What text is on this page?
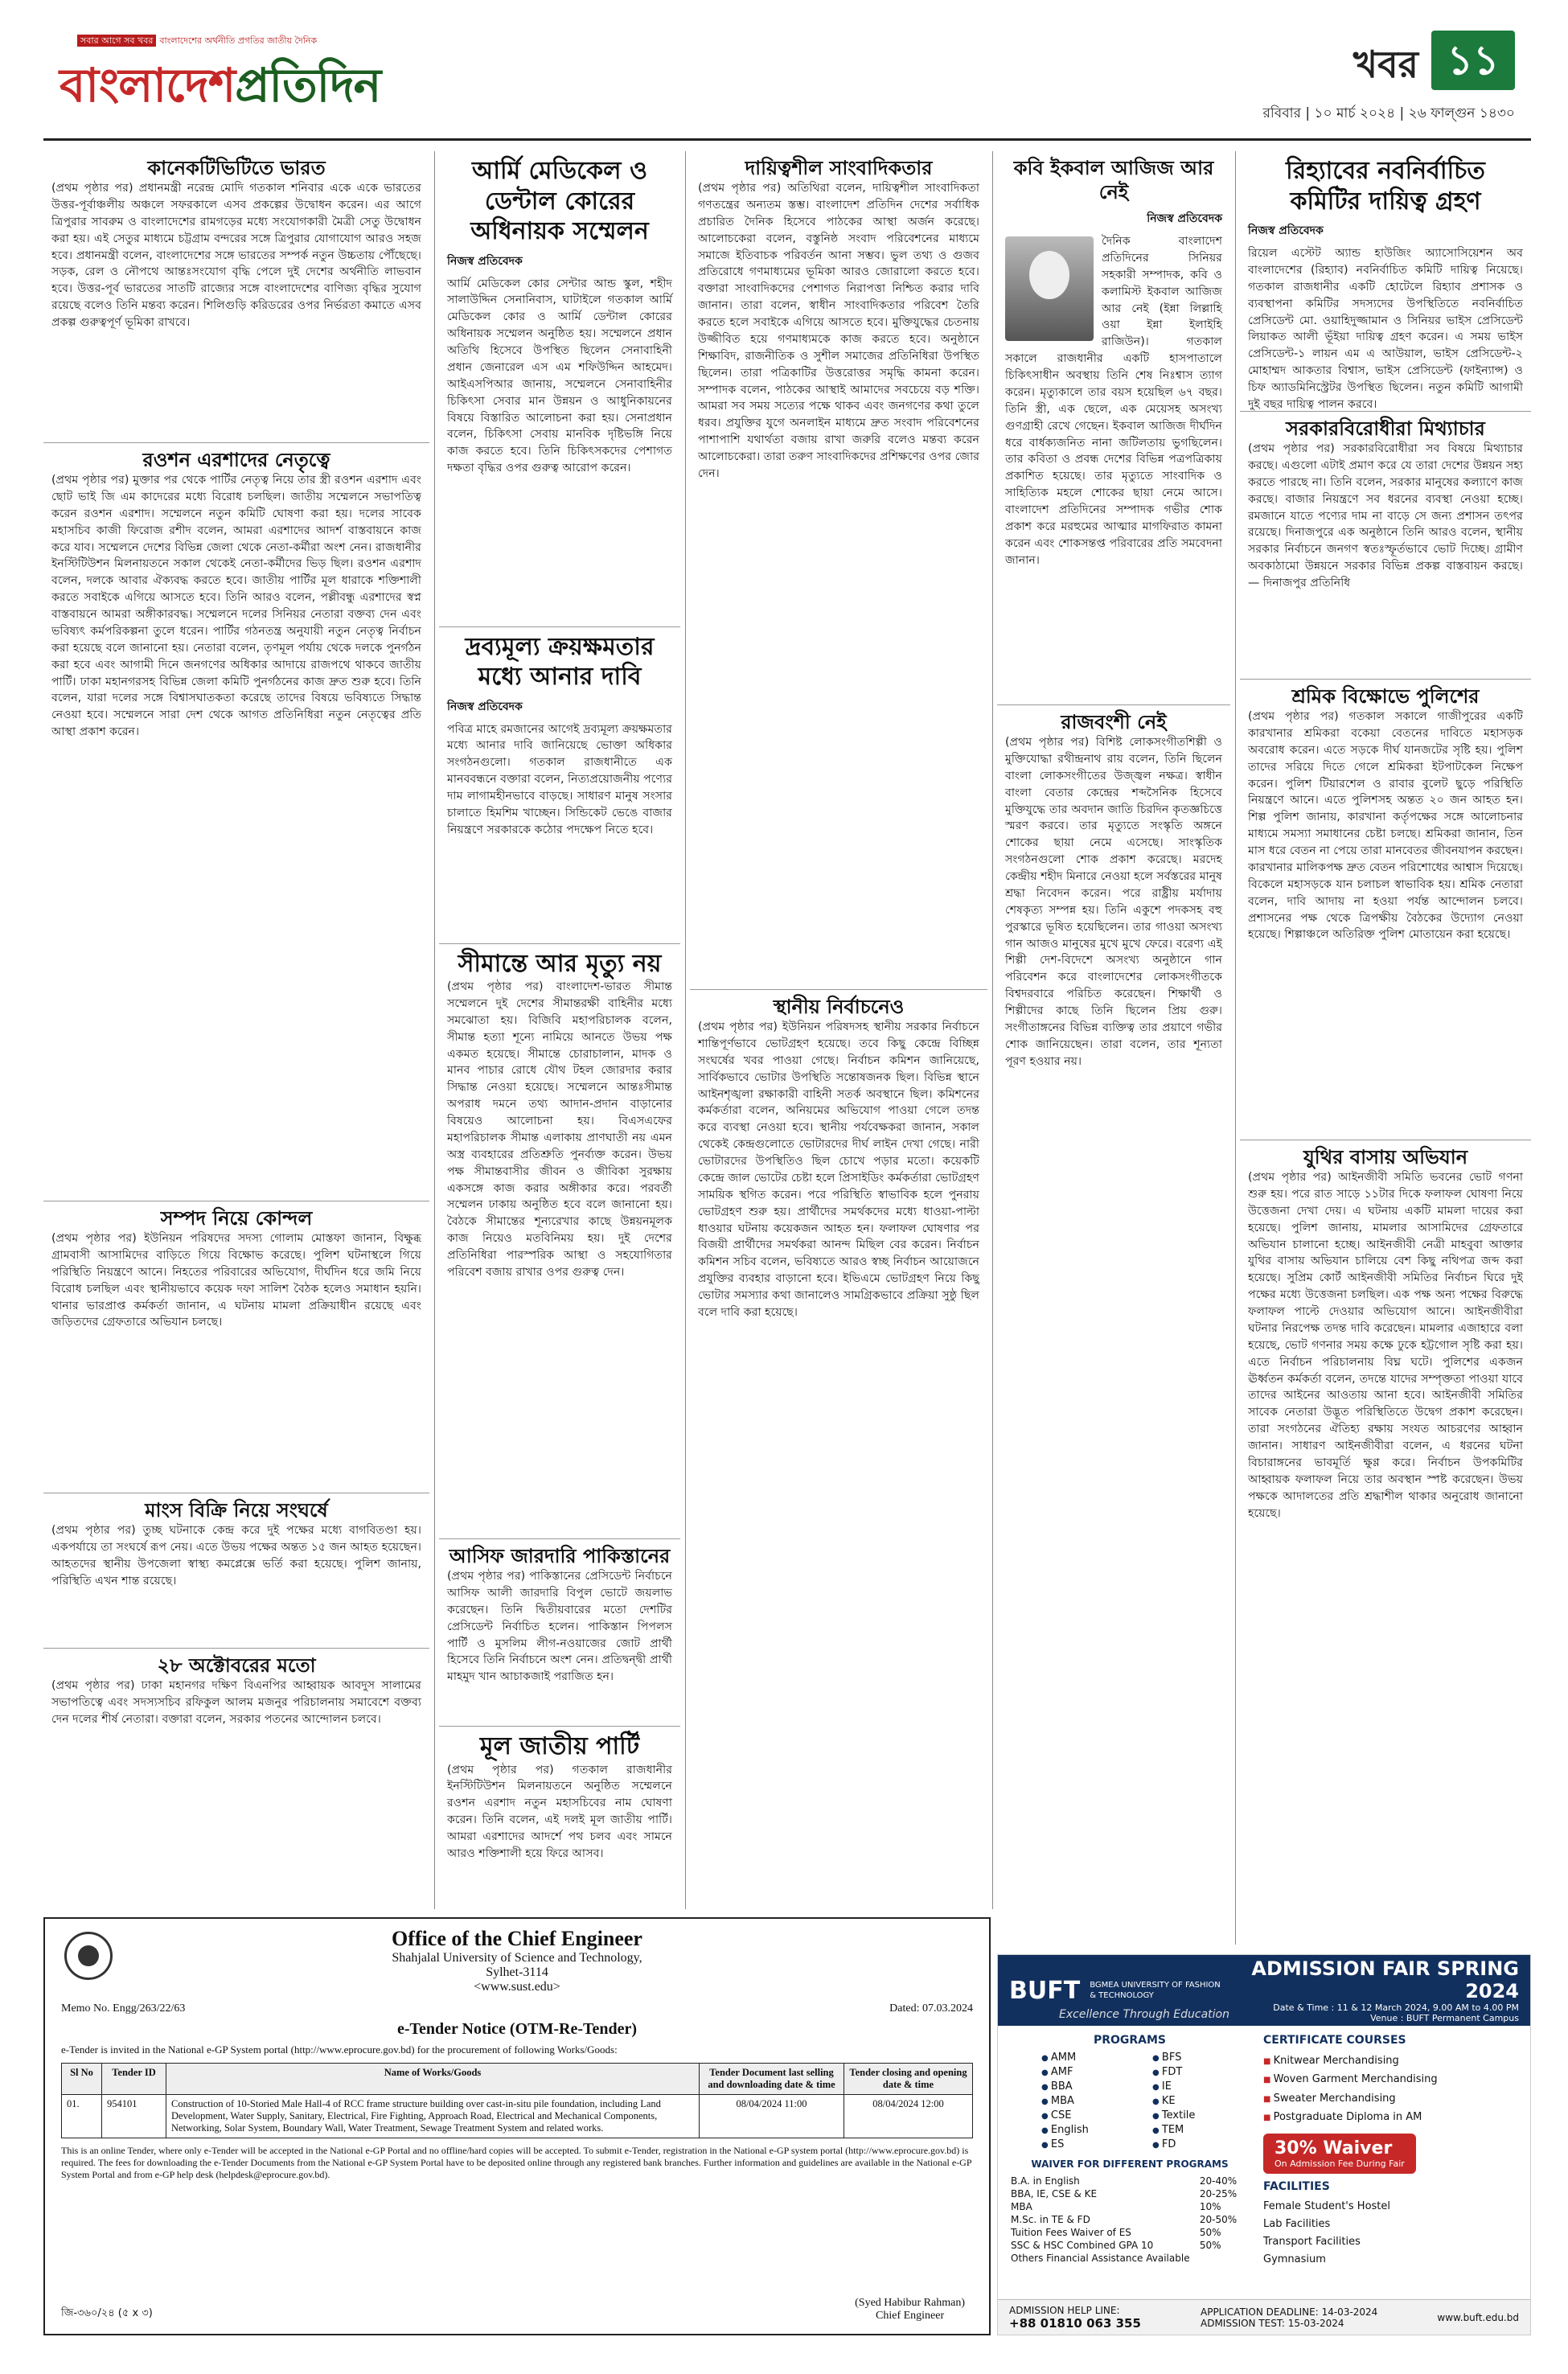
সবার আগে সব খবর বাংলাদেশের অর্থনীতি প্রগতির জাতীয় দৈনিক
বাংলাদেশপ্রতিদিন	খবর ১১
রবিবার | ১০ মার্চ ২০২৪ | ২৬ ফাল্গুন ১৪৩০
কানেকটিভিটিতে ভারত
(প্রথম পৃষ্ঠার পর) প্রধানমন্ত্রী নরেন্দ্র মোদি গতকাল শনিবার একে একে ভারতের উত্তর-পূর্বাঞ্চলীয় অঞ্চলে সফরকালে এসব প্রকল্পের উদ্বোধন করেন। এর আগে ত্রিপুরার সাবরুম ও বাংলাদেশের রামগড়ের মধ্যে সংযোগকারী মৈত্রী সেতু উদ্বোধন করা হয়। এই সেতুর মাধ্যমে চট্টগ্রাম বন্দরের সঙ্গে ত্রিপুরার যোগাযোগ আরও সহজ হবে। প্রধানমন্ত্রী বলেন, বাংলাদেশের সঙ্গে ভারতের সম্পর্ক নতুন উচ্চতায় পৌঁছেছে। সড়ক, রেল ও নৌপথে আন্তঃসংযোগ বৃদ্ধি পেলে দুই দেশের অর্থনীতি লাভবান হবে। উত্তর-পূর্ব ভারতের সাতটি রাজ্যের সঙ্গে বাংলাদেশের বাণিজ্য বৃদ্ধির সুযোগ রয়েছে বলেও তিনি মন্তব্য করেন। শিলিগুড়ি করিডরের ওপর নির্ভরতা কমাতে এসব প্রকল্প গুরুত্বপূর্ণ ভূমিকা রাখবে।
রওশন এরশাদের নেতৃত্বে
(প্রথম পৃষ্ঠার পর) মুক্তার পর থেকে পার্টির নেতৃত্ব নিয়ে তার স্ত্রী রওশন এরশাদ এবং ছোট ভাই জি এম কাদেরের মধ্যে বিরোধ চলছিল। জাতীয় সম্মেলনে সভাপতিত্ব করেন রওশন এরশাদ। সম্মেলনে নতুন কমিটি ঘোষণা করা হয়। দলের সাবেক মহাসচিব কাজী ফিরোজ রশীদ বলেন, আমরা এরশাদের আদর্শ বাস্তবায়নে কাজ করে যাব। সম্মেলনে দেশের বিভিন্ন জেলা থেকে নেতা-কর্মীরা অংশ নেন। রাজধানীর ইনস্টিটিউশন মিলনায়তনে সকাল থেকেই নেতা-কর্মীদের ভিড় ছিল। রওশন এরশাদ বলেন, দলকে আবার ঐক্যবদ্ধ করতে হবে। জাতীয় পার্টির মূল ধারাকে শক্তিশালী করতে সবাইকে এগিয়ে আসতে হবে। তিনি আরও বলেন, পল্লীবন্ধু এরশাদের স্বপ্ন বাস্তবায়নে আমরা অঙ্গীকারবদ্ধ। সম্মেলনে দলের সিনিয়র নেতারা বক্তব্য দেন এবং ভবিষ্যৎ কর্মপরিকল্পনা তুলে ধরেন। পার্টির গঠনতন্ত্র অনুযায়ী নতুন নেতৃত্ব নির্বাচন করা হয়েছে বলে জানানো হয়। নেতারা বলেন, তৃণমূল পর্যায় থেকে দলকে পুনর্গঠন করা হবে এবং আগামী দিনে জনগণের অধিকার আদায়ে রাজপথে থাকবে জাতীয় পার্টি। ঢাকা মহানগরসহ বিভিন্ন জেলা কমিটি পুনর্গঠনের কাজ দ্রুত শুরু হবে। তিনি বলেন, যারা দলের সঙ্গে বিশ্বাসঘাতকতা করেছে তাদের বিষয়ে ভবিষ্যতে সিদ্ধান্ত নেওয়া হবে। সম্মেলনে সারা দেশ থেকে আগত প্রতিনিধিরা নতুন নেতৃত্বের প্রতি আস্থা প্রকাশ করেন।
সম্পদ নিয়ে কোন্দল
(প্রথম পৃষ্ঠার পর) ইউনিয়ন পরিষদের সদস্য গোলাম মোস্তফা জানান, বিক্ষুব্ধ গ্রামবাসী আসামিদের বাড়িতে গিয়ে বিক্ষোভ করেছে। পুলিশ ঘটনাস্থলে গিয়ে পরিস্থিতি নিয়ন্ত্রণে আনে। নিহতের পরিবারের অভিযোগ, দীর্ঘদিন ধরে জমি নিয়ে বিরোধ চলছিল এবং স্থানীয়ভাবে কয়েক দফা সালিশ বৈঠক হলেও সমাধান হয়নি। থানার ভারপ্রাপ্ত কর্মকর্তা জানান, এ ঘটনায় মামলা প্রক্রিয়াধীন রয়েছে এবং জড়িতদের গ্রেফতারে অভিযান চলছে।
মাংস বিক্রি নিয়ে সংঘর্ষে
(প্রথম পৃষ্ঠার পর) তুচ্ছ ঘটনাকে কেন্দ্র করে দুই পক্ষের মধ্যে বাগবিতণ্ডা হয়। একপর্যায়ে তা সংঘর্ষে রূপ নেয়। এতে উভয় পক্ষের অন্তত ১৫ জন আহত হয়েছেন। আহতদের স্থানীয় উপজেলা স্বাস্থ্য কমপ্লেক্সে ভর্তি করা হয়েছে। পুলিশ জানায়, পরিস্থিতি এখন শান্ত রয়েছে।
২৮ অক্টোবরের মতো
(প্রথম পৃষ্ঠার পর) ঢাকা মহানগর দক্ষিণ বিএনপির আহ্বায়ক আবদুস সালামের সভাপতিত্বে এবং সদস্যসচিব রফিকুল আলম মজনুর পরিচালনায় সমাবেশে বক্তব্য দেন দলের শীর্ষ নেতারা। বক্তারা বলেন, সরকার পতনের আন্দোলন চলবে।
আর্মি মেডিকেল ও ডেন্টাল কোরের অধিনায়ক সম্মেলন
নিজস্ব প্রতিবেদক
আর্মি মেডিকেল কোর সেন্টার আন্ড স্কুল, শহীদ সালাউদ্দিন সেনানিবাস, ঘাটাইলে গতকাল আর্মি মেডিকেল কোর ও আর্মি ডেন্টাল কোরের অধিনায়ক সম্মেলন অনুষ্ঠিত হয়। সম্মেলনে প্রধান অতিথি হিসেবে উপস্থিত ছিলেন সেনাবাহিনী প্রধান জেনারেল এস এম শফিউদ্দিন আহমেদ। আইএসপিআর জানায়, সম্মেলনে সেনাবাহিনীর চিকিৎসা সেবার মান উন্নয়ন ও আধুনিকায়নের বিষয়ে বিস্তারিত আলোচনা করা হয়। সেনাপ্রধান বলেন, চিকিৎসা সেবায় মানবিক দৃষ্টিভঙ্গি নিয়ে কাজ করতে হবে। তিনি চিকিৎসকদের পেশাগত দক্ষতা বৃদ্ধির ওপর গুরুত্ব আরোপ করেন।
দ্রব্যমূল্য ক্রয়ক্ষমতার মধ্যে আনার দাবি
নিজস্ব প্রতিবেদক
পবিত্র মাহে রমজানের আগেই দ্রব্যমূল্য ক্রয়ক্ষমতার মধ্যে আনার দাবি জানিয়েছে ভোক্তা অধিকার সংগঠনগুলো। গতকাল রাজধানীতে এক মানববন্ধনে বক্তারা বলেন, নিত্যপ্রয়োজনীয় পণ্যের দাম লাগামহীনভাবে বাড়ছে। সাধারণ মানুষ সংসার চালাতে হিমশিম খাচ্ছেন। সিন্ডিকেট ভেঙে বাজার নিয়ন্ত্রণে সরকারকে কঠোর পদক্ষেপ নিতে হবে।
সীমান্তে আর মৃত্যু নয়
(প্রথম পৃষ্ঠার পর) বাংলাদেশ-ভারত সীমান্ত সম্মেলনে দুই দেশের সীমান্তরক্ষী বাহিনীর মধ্যে সমঝোতা হয়। বিজিবি মহাপরিচালক বলেন, সীমান্ত হত্যা শূন্যে নামিয়ে আনতে উভয় পক্ষ একমত হয়েছে। সীমান্তে চোরাচালান, মাদক ও মানব পাচার রোধে যৌথ টহল জোরদার করার সিদ্ধান্ত নেওয়া হয়েছে। সম্মেলনে আন্তঃসীমান্ত অপরাধ দমনে তথ্য আদান-প্রদান বাড়ানোর বিষয়েও আলোচনা হয়। বিএসএফের মহাপরিচালক সীমান্ত এলাকায় প্রাণঘাতী নয় এমন অস্ত্র ব্যবহারের প্রতিশ্রুতি পুনর্ব্যক্ত করেন। উভয় পক্ষ সীমান্তবাসীর জীবন ও জীবিকা সুরক্ষায় একসঙ্গে কাজ করার অঙ্গীকার করে। পরবর্তী সম্মেলন ঢাকায় অনুষ্ঠিত হবে বলে জানানো হয়। বৈঠকে সীমান্তের শূন্যরেখার কাছে উন্নয়নমূলক কাজ নিয়েও মতবিনিময় হয়। দুই দেশের প্রতিনিধিরা পারস্পরিক আস্থা ও সহযোগিতার পরিবেশ বজায় রাখার ওপর গুরুত্ব দেন।
আসিফ জারদারি পাকিস্তানের
(প্রথম পৃষ্ঠার পর) পাকিস্তানের প্রেসিডেন্ট নির্বাচনে আসিফ আলী জারদারি বিপুল ভোটে জয়লাভ করেছেন। তিনি দ্বিতীয়বারের মতো দেশটির প্রেসিডেন্ট নির্বাচিত হলেন। পাকিস্তান পিপলস পার্টি ও মুসলিম লীগ-নওয়াজের জোট প্রার্থী হিসেবে তিনি নির্বাচনে অংশ নেন। প্রতিদ্বন্দ্বী প্রার্থী মাহমুদ খান আচাকজাই পরাজিত হন।
মূল জাতীয় পার্টি
(প্রথম পৃষ্ঠার পর) গতকাল রাজধানীর ইনস্টিটিউশন মিলনায়তনে অনুষ্ঠিত সম্মেলনে রওশন এরশাদ নতুন মহাসচিবের নাম ঘোষণা করেন। তিনি বলেন, এই দলই মূল জাতীয় পার্টি। আমরা এরশাদের আদর্শে পথ চলব এবং সামনে আরও শক্তিশালী হয়ে ফিরে আসব।
দায়িত্বশীল সাংবাদিকতার
(প্রথম পৃষ্ঠার পর) অতিথিরা বলেন, দায়িত্বশীল সাংবাদিকতা গণতন্ত্রের অন্যতম স্তম্ভ। বাংলাদেশ প্রতিদিন দেশের সর্বাধিক প্রচারিত দৈনিক হিসেবে পাঠকের আস্থা অর্জন করেছে। আলোচকেরা বলেন, বস্তুনিষ্ঠ সংবাদ পরিবেশনের মাধ্যমে সমাজে ইতিবাচক পরিবর্তন আনা সম্ভব। ভুল তথ্য ও গুজব প্রতিরোধে গণমাধ্যমের ভূমিকা আরও জোরালো করতে হবে। বক্তারা সাংবাদিকদের পেশাগত নিরাপত্তা নিশ্চিত করার দাবি জানান। তারা বলেন, স্বাধীন সাংবাদিকতার পরিবেশ তৈরি করতে হলে সবাইকে এগিয়ে আসতে হবে। মুক্তিযুদ্ধের চেতনায় উজ্জীবিত হয়ে গণমাধ্যমকে কাজ করতে হবে। অনুষ্ঠানে শিক্ষাবিদ, রাজনীতিক ও সুশীল সমাজের প্রতিনিধিরা উপস্থিত ছিলেন। তারা পত্রিকাটির উত্তরোত্তর সমৃদ্ধি কামনা করেন। সম্পাদক বলেন, পাঠকের আস্থাই আমাদের সবচেয়ে বড় শক্তি। আমরা সব সময় সত্যের পক্ষে থাকব এবং জনগণের কথা তুলে ধরব। প্রযুক্তির যুগে অনলাইন মাধ্যমে দ্রুত সংবাদ পরিবেশনের পাশাপাশি যথার্থতা বজায় রাখা জরুরি বলেও মন্তব্য করেন আলোচকেরা। তারা তরুণ সাংবাদিকদের প্রশিক্ষণের ওপর জোর দেন।
স্থানীয় নির্বাচনেও
(প্রথম পৃষ্ঠার পর) ইউনিয়ন পরিষদসহ স্থানীয় সরকার নির্বাচনে শান্তিপূর্ণভাবে ভোটগ্রহণ হয়েছে। তবে কিছু কেন্দ্রে বিচ্ছিন্ন সংঘর্ষের খবর পাওয়া গেছে। নির্বাচন কমিশন জানিয়েছে, সার্বিকভাবে ভোটার উপস্থিতি সন্তোষজনক ছিল। বিভিন্ন স্থানে আইনশৃঙ্খলা রক্ষাকারী বাহিনী সতর্ক অবস্থানে ছিল। কমিশনের কর্মকর্তারা বলেন, অনিয়মের অভিযোগ পাওয়া গেলে তদন্ত করে ব্যবস্থা নেওয়া হবে। স্থানীয় পর্যবেক্ষকরা জানান, সকাল থেকেই কেন্দ্রগুলোতে ভোটারদের দীর্ঘ লাইন দেখা গেছে। নারী ভোটারদের উপস্থিতিও ছিল চোখে পড়ার মতো। কয়েকটি কেন্দ্রে জাল ভোটের চেষ্টা হলে প্রিসাইডিং কর্মকর্তারা ভোটগ্রহণ সাময়িক স্থগিত করেন। পরে পরিস্থিতি স্বাভাবিক হলে পুনরায় ভোটগ্রহণ শুরু হয়। প্রার্থীদের সমর্থকদের মধ্যে ধাওয়া-পাল্টা ধাওয়ার ঘটনায় কয়েকজন আহত হন। ফলাফল ঘোষণার পর বিজয়ী প্রার্থীদের সমর্থকরা আনন্দ মিছিল বের করেন। নির্বাচন কমিশন সচিব বলেন, ভবিষ্যতে আরও স্বচ্ছ নির্বাচন আয়োজনে প্রযুক্তির ব্যবহার বাড়ানো হবে। ইভিএমে ভোটগ্রহণ নিয়ে কিছু ভোটার সমস্যার কথা জানালেও সামগ্রিকভাবে প্রক্রিয়া সুষ্ঠু ছিল বলে দাবি করা হয়েছে।
কবি ইকবাল আজিজ আর নেই
নিজস্ব প্রতিবেদক
দৈনিক বাংলাদেশ প্রতিদিনের সিনিয়র সহকারী সম্পাদক, কবি ও কলামিস্ট ইকবাল আজিজ আর নেই (ইন্না লিল্লাহি ওয়া ইন্না ইলাইহি রাজিউন)। গতকাল সকালে রাজধানীর একটি হাসপাতালে চিকিৎসাধীন অবস্থায় তিনি শেষ নিঃশ্বাস ত্যাগ করেন। মৃত্যুকালে তার বয়স হয়েছিল ৬৭ বছর। তিনি স্ত্রী, এক ছেলে, এক মেয়েসহ অসংখ্য গুণগ্রাহী রেখে গেছেন। ইকবাল আজিজ দীর্ঘদিন ধরে বার্ধক্যজনিত নানা জটিলতায় ভুগছিলেন। তার কবিতা ও প্রবন্ধ দেশের বিভিন্ন পত্রপত্রিকায় প্রকাশিত হয়েছে। তার মৃত্যুতে সাংবাদিক ও সাহিত্যিক মহলে শোকের ছায়া নেমে আসে। বাংলাদেশ প্রতিদিনের সম্পাদক গভীর শোক প্রকাশ করে মরহুমের আত্মার মাগফিরাত কামনা করেন এবং শোকসন্তপ্ত পরিবারের প্রতি সমবেদনা জানান।
রাজবংশী নেই
(প্রথম পৃষ্ঠার পর) বিশিষ্ট লোকসংগীতশিল্পী ও মুক্তিযোদ্ধা রথীন্দ্রনাথ রায় বলেন, তিনি ছিলেন বাংলা লোকসংগীতের উজ্জ্বল নক্ষত্র। স্বাধীন বাংলা বেতার কেন্দ্রের শব্দসৈনিক হিসেবে মুক্তিযুদ্ধে তার অবদান জাতি চিরদিন কৃতজ্ঞচিত্তে স্মরণ করবে। তার মৃত্যুতে সংস্কৃতি অঙ্গনে শোকের ছায়া নেমে এসেছে। সাংস্কৃতিক সংগঠনগুলো শোক প্রকাশ করেছে। মরদেহ কেন্দ্রীয় শহীদ মিনারে নেওয়া হলে সর্বস্তরের মানুষ শ্রদ্ধা নিবেদন করেন। পরে রাষ্ট্রীয় মর্যাদায় শেষকৃত্য সম্পন্ন হয়। তিনি একুশে পদকসহ বহু পুরস্কারে ভূষিত হয়েছিলেন। তার গাওয়া অসংখ্য গান আজও মানুষের মুখে মুখে ফেরে। বরেণ্য এই শিল্পী দেশ-বিদেশে অসংখ্য অনুষ্ঠানে গান পরিবেশন করে বাংলাদেশের লোকসংগীতকে বিশ্বদরবারে পরিচিত করেছেন। শিক্ষার্থী ও শিল্পীদের কাছে তিনি ছিলেন প্রিয় গুরু। সংগীতাঙ্গনের বিভিন্ন ব্যক্তিত্ব তার প্রয়াণে গভীর শোক জানিয়েছেন। তারা বলেন, তার শূন্যতা পূরণ হওয়ার নয়।
রিহ্যাবের নবনির্বাচিত কমিটির দায়িত্ব গ্রহণ
নিজস্ব প্রতিবেদক
রিয়েল এস্টেট অ্যান্ড হাউজিং অ্যাসোসিয়েশন অব বাংলাদেশের (রিহ্যাব) নবনির্বাচিত কমিটি দায়িত্ব নিয়েছে। গতকাল রাজধানীর একটি হোটেলে রিহ্যাব প্রশাসক ও ব্যবস্থাপনা কমিটির সদস্যদের উপস্থিতিতে নবনির্বাচিত প্রেসিডেন্ট মো. ওয়াহিদুজ্জামান ও সিনিয়র ভাইস প্রেসিডেন্ট লিয়াকত আলী ভূঁইয়া দায়িত্ব গ্রহণ করেন। এ সময় ভাইস প্রেসিডেন্ট-১ লায়ন এম এ আউয়াল, ভাইস প্রেসিডেন্ট-২ মোহাম্মদ আকতার বিশ্বাস, ভাইস প্রেসিডেন্ট (ফাইন্যান্স) ও চিফ অ্যাডমিনিস্ট্রেটর উপস্থিত ছিলেন। নতুন কমিটি আগামী দুই বছর দায়িত্ব পালন করবে।
সরকারবিরোধীরা মিথ্যাচার
(প্রথম পৃষ্ঠার পর) সরকারবিরোধীরা সব বিষয়ে মিথ্যাচার করছে। এগুলো এটাই প্রমাণ করে যে তারা দেশের উন্নয়ন সহ্য করতে পারছে না। তিনি বলেন, সরকার মানুষের কল্যাণে কাজ করছে। বাজার নিয়ন্ত্রণে সব ধরনের ব্যবস্থা নেওয়া হচ্ছে। রমজানে যাতে পণ্যের দাম না বাড়ে সে জন্য প্রশাসন তৎপর রয়েছে। দিনাজপুরে এক অনুষ্ঠানে তিনি আরও বলেন, স্থানীয় সরকার নির্বাচনে জনগণ স্বতঃস্ফূর্তভাবে ভোট দিচ্ছে। গ্রামীণ অবকাঠামো উন্নয়নে সরকার বিভিন্ন প্রকল্প বাস্তবায়ন করছে। — দিনাজপুর প্রতিনিধি
শ্রমিক বিক্ষোভে পুলিশের
(প্রথম পৃষ্ঠার পর) গতকাল সকালে গাজীপুরের একটি কারখানার শ্রমিকরা বকেয়া বেতনের দাবিতে মহাসড়ক অবরোধ করেন। এতে সড়কে দীর্ঘ যানজটের সৃষ্টি হয়। পুলিশ তাদের সরিয়ে দিতে গেলে শ্রমিকরা ইটপাটকেল নিক্ষেপ করেন। পুলিশ টিয়ারশেল ও রাবার বুলেট ছুড়ে পরিস্থিতি নিয়ন্ত্রণে আনে। এতে পুলিশসহ অন্তত ২০ জন আহত হন। শিল্প পুলিশ জানায়, কারখানা কর্তৃপক্ষের সঙ্গে আলোচনার মাধ্যমে সমস্যা সমাধানের চেষ্টা চলছে। শ্রমিকরা জানান, তিন মাস ধরে বেতন না পেয়ে তারা মানবেতর জীবনযাপন করছেন। কারখানার মালিকপক্ষ দ্রুত বেতন পরিশোধের আশ্বাস দিয়েছে। বিকেলে মহাসড়কে যান চলাচল স্বাভাবিক হয়। শ্রমিক নেতারা বলেন, দাবি আদায় না হওয়া পর্যন্ত আন্দোলন চলবে। প্রশাসনের পক্ষ থেকে ত্রিপক্ষীয় বৈঠকের উদ্যোগ নেওয়া হয়েছে। শিল্পাঞ্চলে অতিরিক্ত পুলিশ মোতায়েন করা হয়েছে।
যুথির বাসায় অভিযান
(প্রথম পৃষ্ঠার পর) আইনজীবী সমিতি ভবনের ভোট গণনা শুরু হয়। পরে রাত সাড়ে ১১টার দিকে ফলাফল ঘোষণা নিয়ে উত্তেজনা দেখা দেয়। এ ঘটনায় একটি মামলা দায়ের করা হয়েছে। পুলিশ জানায়, মামলার আসামিদের গ্রেফতারে অভিযান চালানো হচ্ছে। আইনজীবী নেত্রী মাহবুবা আক্তার যুথির বাসায় অভিযান চালিয়ে বেশ কিছু নথিপত্র জব্দ করা হয়েছে। সুপ্রিম কোর্ট আইনজীবী সমিতির নির্বাচন ঘিরে দুই পক্ষের মধ্যে উত্তেজনা চলছিল। এক পক্ষ অন্য পক্ষের বিরুদ্ধে ফলাফল পাল্টে দেওয়ার অভিযোগ আনে। আইনজীবীরা ঘটনার নিরপেক্ষ তদন্ত দাবি করেছেন। মামলার এজাহারে বলা হয়েছে, ভোট গণনার সময় কক্ষে ঢুকে হট্টগোল সৃষ্টি করা হয়। এতে নির্বাচন পরিচালনায় বিঘ্ন ঘটে। পুলিশের একজন ঊর্ধ্বতন কর্মকর্তা বলেন, তদন্তে যাদের সম্পৃক্ততা পাওয়া যাবে তাদের আইনের আওতায় আনা হবে। আইনজীবী সমিতির সাবেক নেতারা উদ্ভূত পরিস্থিতিতে উদ্বেগ প্রকাশ করেছেন। তারা সংগঠনের ঐতিহ্য রক্ষায় সংযত আচরণের আহ্বান জানান। সাধারণ আইনজীবীরা বলেন, এ ধরনের ঘটনা বিচারাঙ্গনের ভাবমূর্তি ক্ষুণ্ণ করে। নির্বাচন উপকমিটির আহ্বায়ক ফলাফল নিয়ে তার অবস্থান স্পষ্ট করেছেন। উভয় পক্ষকে আদালতের প্রতি শ্রদ্ধাশীল থাকার অনুরোধ জানানো হয়েছে।
Office of the Chief Engineer
Shahjalal University of Science and Technology,
Sylhet-3114
<www.sust.edu>
Memo No. Engg/263/22/63	Dated: 07.03.2024
e-Tender Notice (OTM-Re-Tender)
e-Tender is invited in the National e-GP System portal (http://www.eprocure.gov.bd) for the procurement of following Works/Goods:
Sl No	Tender ID	Name of Works/Goods	Tender Document last selling and downloading date & time	Tender closing and opening date & time
01.	954101	Construction of 10-Storied Male Hall-4 of RCC frame structure building over cast-in-situ pile foundation, including Land Development, Water Supply, Sanitary, Electrical, Fire Fighting, Approach Road, Electrical and Mechanical Components, Networking, Solar System, Boundary Wall, Water Treatment, Sewage Treatment System and related works.	08/04/2024 11:00	08/04/2024 12:00
This is an online Tender, where only e-Tender will be accepted in the National e-GP Portal and no offline/hard copies will be accepted. To submit e-Tender, registration in the National e-GP system portal (http://www.eprocure.gov.bd) is required. The fees for downloading the e-Tender Documents from the National e-GP System Portal have to be deposited online through any registered bank branches. Further information and guidelines are available in the National e-GP System Portal and from e-GP help desk (helpdesk@eprocure.gov.bd).
জি-৩৬০/২৪ (৫ x ৩)
(Syed Habibur Rahman)
Chief Engineer
BUFT BGMEA UNIVERSITY OF FASHION & TECHNOLOGY
ADMISSION FAIR SPRING 2024
Date & Time : 11 & 12 March 2024, 9.00 AM to 4.00 PM
Venue : BUFT Permanent Campus
Excellence Through Education
PROGRAMS
● AMM	● BFS
● AMF	● FDT
● BBA	● IE
● MBA	● KE
● CSE	● Textile
● English	● TEM
● ES	● FD
WAIVER FOR DIFFERENT PROGRAMS
B.A. in English	20-40%
BBA, IE, CSE & KE	20-25%
MBA	10%
M.Sc. in TE & FD	20-50%
Tuition Fees Waiver of ES	50%
SSC & HSC Combined GPA 10	50%
Others Financial Assistance Available	
CERTIFICATE COURSES
■ Knitwear Merchandising
■ Woven Garment Merchandising
■ Sweater Merchandising
■ Postgraduate Diploma in AM
30% Waiver
On Admission Fee During Fair
FACILITIES
Female Student's Hostel
Lab Facilities
Transport Facilities
Gymnasium
ADMISSION HELP LINE:
+88 01810 063 355
APPLICATION DEADLINE: 14-03-2024
ADMISSION TEST: 15-03-2024	www.buft.edu.bd
